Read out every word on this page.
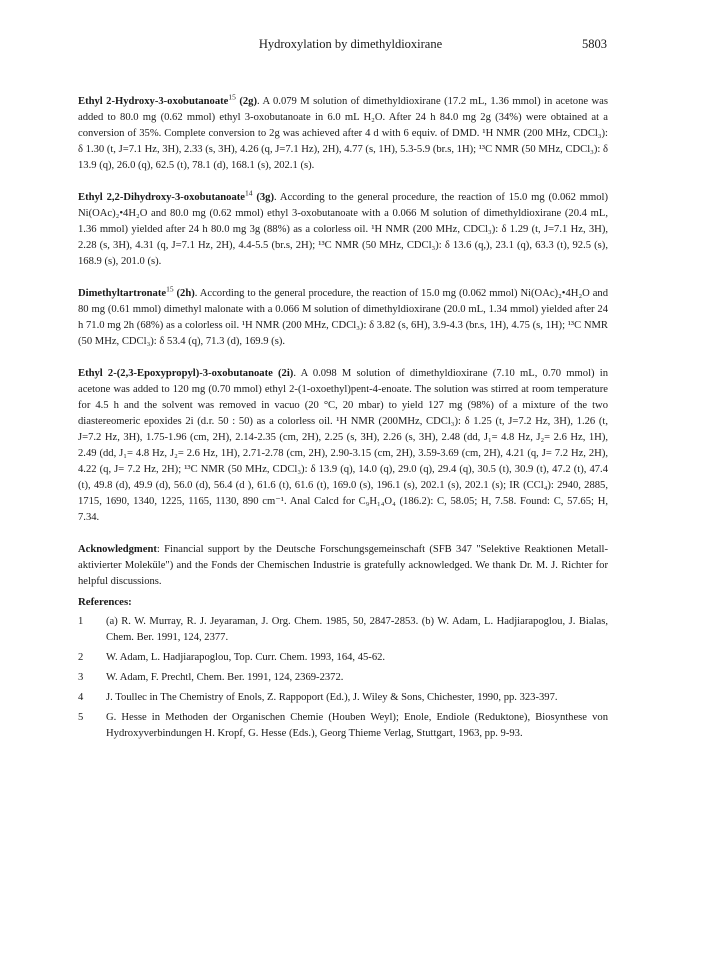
Hydroxylation by dimethyldioxirane	5803

Ethyl 2-Hydroxy-3-oxobutanoate$^{15}$ (2g). A 0.079 M solution of dimethyldioxirane (17.2 mL, 1.36 mmol) in acetone was added to 80.0 mg (0.62 mmol) ethyl 3-oxobutanoate in 6.0 mL H₂O. After 24 h 84.0 mg 2g (34%) were obtained at a conversion of 35%. Complete conversion to 2g was achieved after 4 d with 6 equiv. of DMD. ¹H NMR (200 MHz, CDCl₃): δ 1.30 (t, J=7.1 Hz, 3H), 2.33 (s, 3H), 4.26 (q, J=7.1 Hz), 2H), 4.77 (s, 1H), 5.3-5.9 (br.s, 1H); ¹³C NMR (50 MHz, CDCl₃): δ 13.9 (q), 26.0 (q), 62.5 (t), 78.1 (d), 168.1 (s), 202.1 (s).

Ethyl 2,2-Dihydroxy-3-oxobutanoate$^{14}$ (3g). According to the general procedure, the reaction of 15.0 mg (0.062 mmol) Ni(OAc)₂•4H₂O and 80.0 mg (0.62 mmol) ethyl 3-oxobutanoate with a 0.066 M solution of dimethyldioxirane (20.4 mL, 1.36 mmol) yielded after 24 h 80.0 mg 3g (88%) as a colorless oil. ¹H NMR (200 MHz, CDCl₃): δ 1.29 (t, J=7.1 Hz, 3H), 2.28 (s, 3H), 4.31 (q, J=7.1 Hz, 2H), 4.4-5.5 (br.s, 2H); ¹³C NMR (50 MHz, CDCl₃): δ 13.6 (q,), 23.1 (q), 63.3 (t), 92.5 (s), 168.9 (s), 201.0 (s).

Dimethyltartronate$^{15}$ (2h). According to the general procedure, the reaction of 15.0 mg (0.062 mmol) Ni(OAc)₂•4H₂O and 80 mg (0.61 mmol) dimethyl malonate with a 0.066 M solution of dimethyldioxirane (20.0 mL, 1.34 mmol) yielded after 24 h 71.0 mg 2h (68%) as a colorless oil. ¹H NMR (200 MHz, CDCl₃): δ 3.82 (s, 6H), 3.9-4.3 (br.s, 1H), 4.75 (s, 1H); ¹³C NMR (50 MHz, CDCl₃): δ 53.4 (q), 71.3 (d), 169.9 (s).

Ethyl 2-(2,3-Epoxypropyl)-3-oxobutanoate (2i). A 0.098 M solution of dimethyldioxirane (7.10 mL, 0.70 mmol) in acetone was added to 120 mg (0.70 mmol) ethyl 2-(1-oxoethyl)pent-4-enoate. The solution was stirred at room temperature for 4.5 h and the solvent was removed in vacuo (20 °C, 20 mbar) to yield 127 mg (98%) of a mixture of the two diastereomeric epoxides 2i (d.r. 50 : 50) as a colorless oil. ¹H NMR (200MHz, CDCl₃): δ 1.25 (t, J=7.2 Hz, 3H), 1.26 (t, J=7.2 Hz, 3H), 1.75-1.96 (cm, 2H), 2.14-2.35 (cm, 2H), 2.25 (s, 3H), 2.26 (s, 3H), 2.48 (dd, J₁= 4.8 Hz, J₂= 2.6 Hz, 1H), 2.49 (dd, J₁= 4.8 Hz, J₂= 2.6 Hz, 1H), 2.71-2.78 (cm, 2H), 2.90-3.15 (cm, 2H), 3.59-3.69 (cm, 2H), 4.21 (q, J= 7.2 Hz, 2H), 4.22 (q, J= 7.2 Hz, 2H); ¹³C NMR (50 MHz, CDCl₃): δ 13.9 (q), 14.0 (q), 29.0 (q), 29.4 (q), 30.5 (t), 30.9 (t), 47.2 (t), 47.4 (t), 49.8 (d), 49.9 (d), 56.0 (d), 56.4 (d ), 61.6 (t), 61.6 (t), 169.0 (s), 196.1 (s), 202.1 (s), 202.1 (s); IR (CCl₄): 2940, 2885, 1715, 1690, 1340, 1225, 1165, 1130, 890 cm⁻¹. Anal Calcd for C₉H₁₄O₄ (186.2): C, 58.05; H, 7.58. Found: C, 57.65; H, 7.34.

Acknowledgment: Financial support by the Deutsche Forschungsgemeinschaft (SFB 347 "Selektive Reaktionen Metall-aktivierter Moleküle") and the Fonds der Chemischen Industrie is gratefully acknowledged. We thank Dr. M. J. Richter for helpful discussions.

References:
1	(a) R. W. Murray, R. J. Jeyaraman, J. Org. Chem. 1985, 50, 2847-2853. (b) W. Adam, L. Hadjiarapoglou, J. Bialas, Chem. Ber. 1991, 124, 2377.
2	W. Adam, L. Hadjiarapoglou, Top. Curr. Chem. 1993, 164, 45-62.
3	W. Adam, F. Prechtl, Chem. Ber. 1991, 124, 2369-2372.
4	J. Toullec in The Chemistry of Enols, Z. Rappoport (Ed.), J. Wiley & Sons, Chichester, 1990, pp. 323-397.
5	G. Hesse in Methoden der Organischen Chemie (Houben Weyl); Enole, Endiole (Reduktone), Biosynthese von Hydroxyverbindungen H. Kropf, G. Hesse (Eds.), Georg Thieme Verlag, Stuttgart, 1963, pp. 9-93.
